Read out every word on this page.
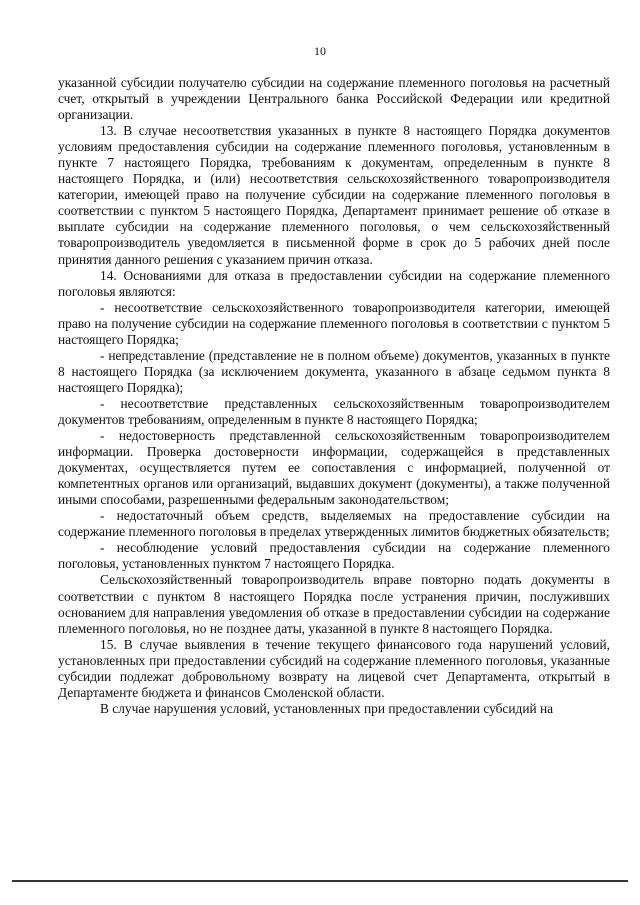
10

указанной субсидии получателю субсидии на содержание племенного поголовья на расчетный счет, открытый в учреждении Центрального банка Российской Федерации или кредитной организации.

13. В случае несоответствия указанных в пункте 8 настоящего Порядка документов условиям предоставления субсидии на содержание племенного поголовья, установленным в пункте 7 настоящего Порядка, требованиям к документам, определенным в пункте 8 настоящего Порядка, и (или) несоответствия сельскохозяйственного товаропроизводителя категории, имеющей право на получение субсидии на содержание племенного поголовья в соответствии с пунктом 5 настоящего Порядка, Департамент принимает решение об отказе в выплате субсидии на содержание племенного поголовья, о чем сельскохозяйственный товаропроизводитель уведомляется в письменной форме в срок до 5 рабочих дней после принятия данного решения с указанием причин отказа.

14. Основаниями для отказа в предоставлении субсидии на содержание племенного поголовья являются:

- несоответствие сельскохозяйственного товаропроизводителя категории, имеющей право на получение субсидии на содержание племенного поголовья в соответствии с пунктом 5 настоящего Порядка;

- непредставление (представление не в полном объеме) документов, указанных в пункте 8 настоящего Порядка (за исключением документа, указанного в абзаце седьмом пункта 8 настоящего Порядка);

- несоответствие представленных сельскохозяйственным товаропроизводителем документов требованиям, определенным в пункте 8 настоящего Порядка;

- недостоверность представленной сельскохозяйственным товаропроизводителем информации. Проверка достоверности информации, содержащейся в представленных документах, осуществляется путем ее сопоставления с информацией, полученной от компетентных органов или организаций, выдавших документ (документы), а также полученной иными способами, разрешенными федеральным законодательством;

- недостаточный объем средств, выделяемых на предоставление субсидии на содержание племенного поголовья в пределах утвержденных лимитов бюджетных обязательств;

- несоблюдение условий предоставления субсидии на содержание племенного поголовья, установленных пунктом 7 настоящего Порядка.

Сельскохозяйственный товаропроизводитель вправе повторно подать документы в соответствии с пунктом 8 настоящего Порядка после устранения причин, послуживших основанием для направления уведомления об отказе в предоставлении субсидии на содержание племенного поголовья, но не позднее даты, указанной в пункте 8 настоящего Порядка.

15. В случае выявления в течение текущего финансового года нарушений условий, установленных при предоставлении субсидий на содержание племенного поголовья, указанные субсидии подлежат добровольному возврату на лицевой счет Департамента, открытый в Департаменте бюджета и финансов Смоленской области.

В случае нарушения условий, установленных при предоставлении субсидий на
